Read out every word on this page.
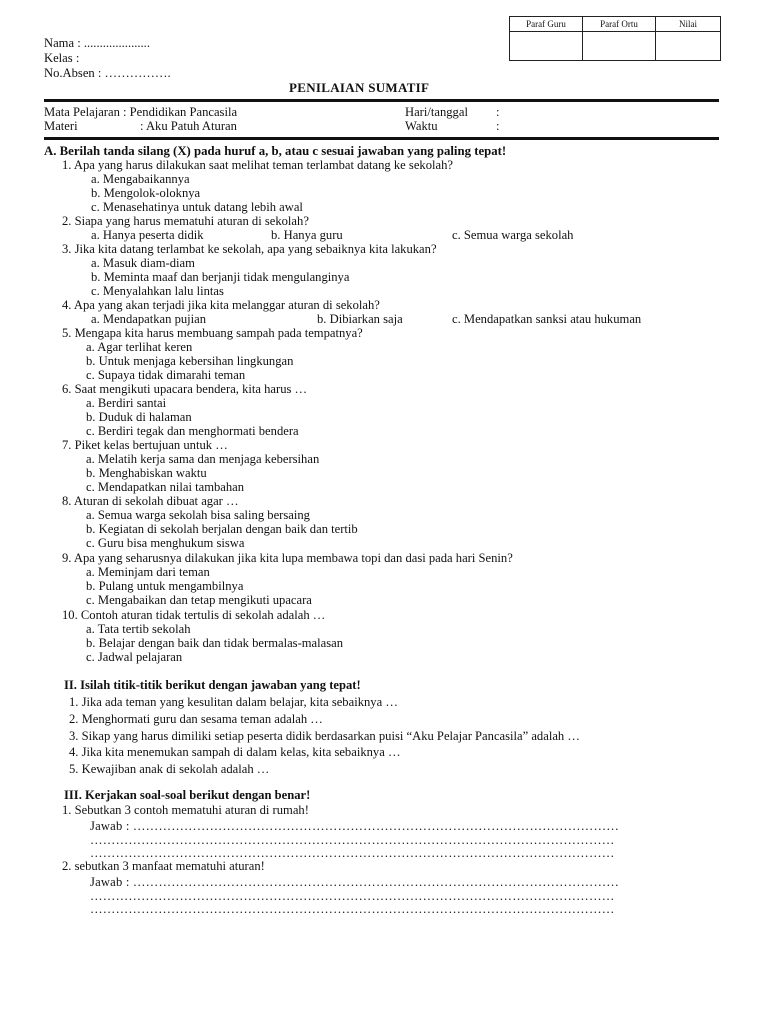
Paraf Guru	Paraf Ortu	Nilai

Nama : .....................
Kelas :
No.Absen : …………….
PENILAIAN SUMATIF
Mata Pelajaran : Pendidikan Pancasila
Materi	: Aku Patuh Aturan
Hari/tanggal :
Waktu	:
A. Berilah tanda silang (X) pada huruf a, b, atau c sesuai jawaban yang paling tepat!
1. Apa yang harus dilakukan saat melihat teman terlambat datang ke sekolah?
a. Mengabaikannya
b. Mengolok-oloknya
c. Menasehatinya untuk datang lebih awal
2. Siapa yang harus mematuhi aturan di sekolah?
a. Hanya peserta didik	b. Hanya guru	c. Semua warga sekolah
3. Jika kita datang terlambat ke sekolah, apa yang sebaiknya kita lakukan?
a. Masuk diam-diam
b. Meminta maaf dan berjanji tidak mengulanginya
c. Menyalahkan lalu lintas
4. Apa yang akan terjadi jika kita melanggar aturan di sekolah?
a. Mendapatkan pujian	b. Dibiarkan saja	c. Mendapatkan sanksi atau hukuman
5. Mengapa kita harus membuang sampah pada tempatnya?
a. Agar terlihat keren
b. Untuk menjaga kebersihan lingkungan
c. Supaya tidak dimarahi teman
6. Saat mengikuti upacara bendera, kita harus …
a. Berdiri santai
b. Duduk di halaman
c. Berdiri tegak dan menghormati bendera
7. Piket kelas bertujuan untuk …
a. Melatih kerja sama dan menjaga kebersihan
b. Menghabiskan waktu
c. Mendapatkan nilai tambahan
8. Aturan di sekolah dibuat agar …
a. Semua warga sekolah bisa saling bersaing
b. Kegiatan di sekolah berjalan dengan baik dan tertib
c. Guru bisa menghukum siswa
9. Apa yang seharusnya dilakukan jika kita lupa membawa topi dan dasi pada hari Senin?
a. Meminjam dari teman
b. Pulang untuk mengambilnya
c. Mengabaikan dan tetap mengikuti upacara
10. Contoh aturan tidak tertulis di sekolah adalah …
a. Tata tertib sekolah
b. Belajar dengan baik dan tidak bermalas-malasan
c. Jadwal pelajaran
II. Isilah titik-titik berikut dengan jawaban yang tepat!
1. Jika ada teman yang kesulitan dalam belajar, kita sebaiknya …
2. Menghormati guru dan sesama teman adalah …
3. Sikap yang harus dimiliki setiap peserta didik berdasarkan puisi “Aku Pelajar Pancasila” adalah …
4. Jika kita menemukan sampah di dalam kelas, kita sebaiknya …
5. Kewajiban anak di sekolah adalah …
III. Kerjakan soal-soal berikut dengan benar!
1. Sebutkan 3 contoh mematuhi aturan di rumah!
Jawab : ……………………………………………………………………………………………………
……………………………………………………………………………………………………………
……………………………………………………………………………………………………………
2. sebutkan 3 manfaat mematuhi aturan!
Jawab : ……………………………………………………………………………………………………
……………………………………………………………………………………………………………
……………………………………………………………………………………………………………
